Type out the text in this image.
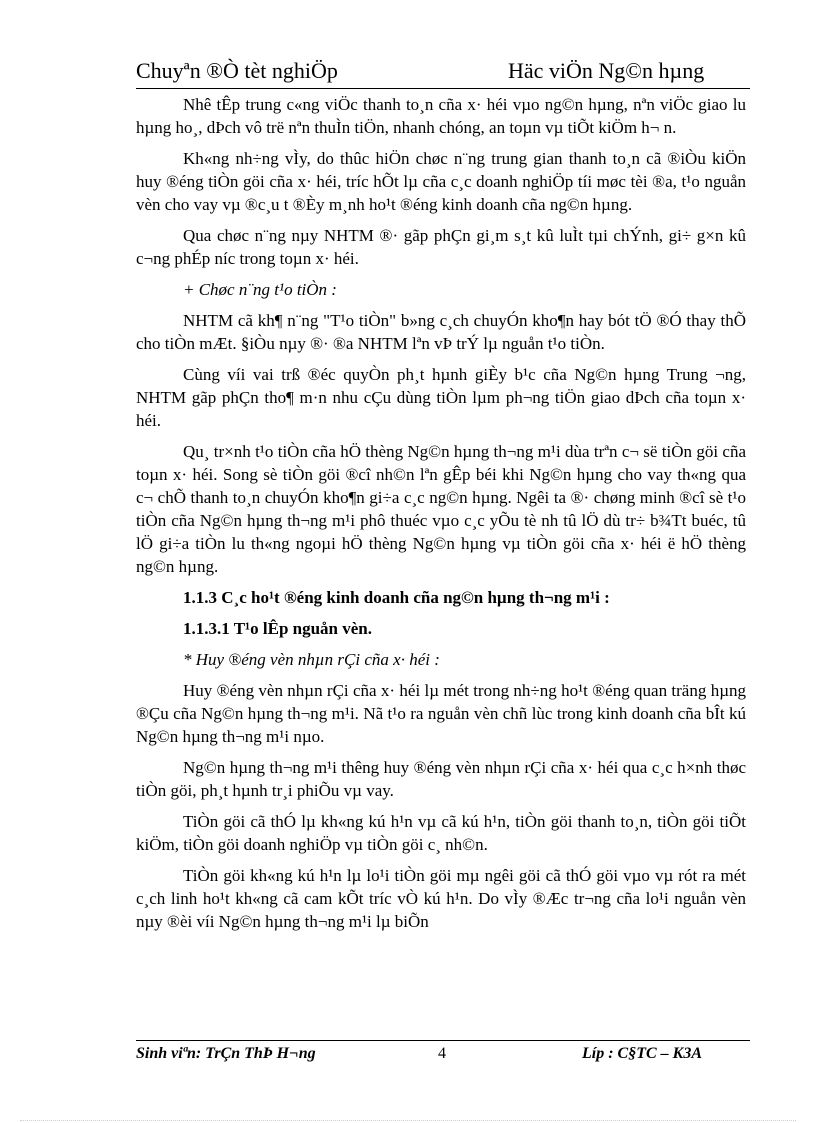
Chuyªn ®Ò tèt nghiÖp	Häc viÖn Ng©n hµng

Nhê tÊp trung c«ng viÖc thanh to¸n cña x· héi vµo ng©n hµng, nªn viÖc giao lu hµng ho¸, dÞch vô trë nªn thuÌn tiÖn, nhanh chóng, an toµn vµ tiÕt kiÖm h¬ n.

Kh«ng nh÷ng vÌy, do thûc hiÖn chøc n¨ng trung gian thanh to¸n cã ®iÒu kiÖn huy ®éng tiÒn göi cña x· héi, tríc hÕt lµ cña c¸c doanh nghiÖp tíi møc tèi ®a, t¹o nguån vèn cho vay vµ ®c¸u t ®Èy m¸nh ho¹t ®éng kinh doanh cña ng©n hµng.

Qua chøc n¨ng nµy NHTM ®· gãp phÇn gi¸m s¸t kû luÌt tµi chÝnh, gi÷ g×n kû c¬ng phÉp níc trong toµn x· héi.

+ Chøc n¨ng t¹o tiÒn :

NHTM cã kh¶ n¨ng "T¹o tiÒn" b»ng c¸ch chuyÓn kho¶n hay bót tÖ ®Ó thay thÕ cho tiÒn mÆt. §iÒu nµy ®· ®a NHTM lªn vÞ trÝ lµ nguån t¹o tiÒn.

Cùng víi vai trß ®éc quyÒn ph¸t hµnh giÈy b¹c cña Ng©n hµng Trung ¬ng, NHTM gãp phÇn tho¶ m·n nhu cÇu dùng tiÒn lµm ph¬ng tiÖn giao dÞch cña toµn x· héi.

Qu¸ tr×nh t¹o tiÒn cña hÖ thèng Ng©n hµng th¬ng m¹i dùa trªn c¬ së tiÒn göi cña toµn x· héi. Song sè tiÒn göi ®cî nh©n lªn gÊp béi khi Ng©n hµng cho vay th«ng qua c¬ chÕ thanh to¸n chuyÓn kho¶n gi÷a c¸c ng©n hµng. Ngêi ta ®· chøng minh ®cî sè t¹o tiÒn cña Ng©n hµng th¬ng m¹i phô thuéc vµo c¸c yÕu tè nh tû lÖ dù tr÷ b¾Tt buéc, tû lÖ gi÷a tiÒn lu th«ng ngoµi hÖ thèng Ng©n hµng vµ tiÒn göi cña x· héi ë hÖ thèng ng©n hµng.

1.1.3 C¸c ho¹t ®éng kinh doanh cña ng©n hµng th¬ng m¹i :

1.1.3.1 T¹o lÊp nguån vèn.

* Huy ®éng vèn nhµn rÇi cña x· héi :

Huy ®éng vèn nhµn rÇi cña x· héi lµ mét trong nh÷ng ho¹t ®éng quan träng hµng ®Çu cña Ng©n hµng th¬ng m¹i. Nã t¹o ra nguån vèn chñ lùc trong kinh doanh cña bÎt kú Ng©n hµng th¬ng m¹i nµo.

Ng©n hµng th¬ng m¹i thêng huy ®éng vèn nhµn rÇi cña x· héi qua c¸c h×nh thøc tiÒn göi, ph¸t hµnh tr¸i phiÕu vµ vay.

TiÒn göi cã thÓ lµ kh«ng kú h¹n vµ cã kú h¹n, tiÒn göi thanh to¸n, tiÒn göi tiÕt kiÖm, tiÒn göi doanh nghiÖp vµ tiÒn göi c¸ nh©n.

TiÒn göi kh«ng kú h¹n lµ lo¹i tiÒn göi mµ ngêi göi cã thÓ göi vµo vµ rót ra mét c¸ch linh ho¹t kh«ng cã cam kÕt tríc vÒ kú h¹n. Do vÌy ®Æc tr¬ng cña lo¹i nguån vèn nµy ®èi víi Ng©n hµng th¬ng m¹i lµ biÕn

Sinh viªn: TrÇn ThÞ H¬ng	4	Líp : C§TC – K3A
